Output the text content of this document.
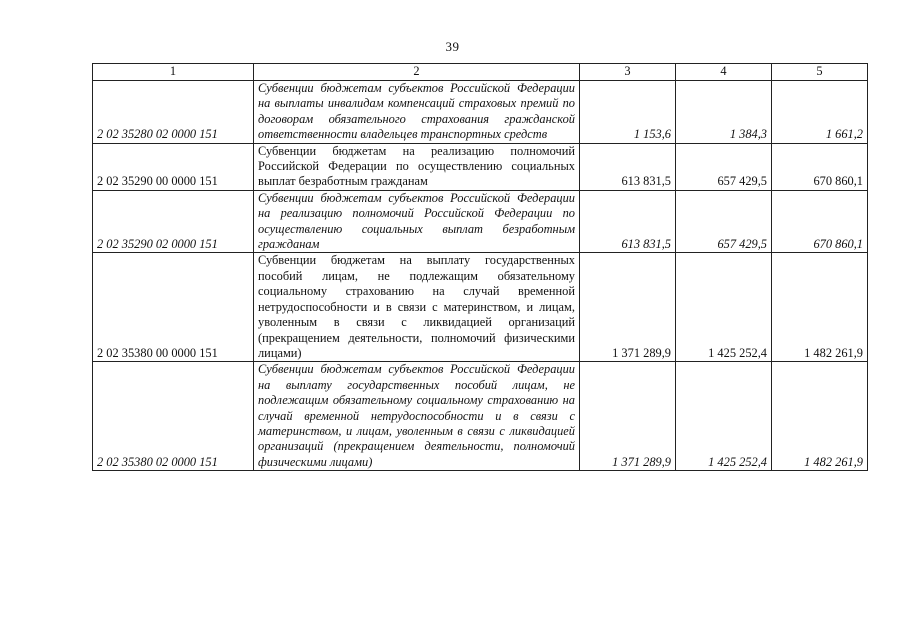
39
1	2	3	4	5
2 02 35280 02 0000 151	Субвенции бюджетам субъектов Российской Федерации на выплаты инвалидам компенсаций страховых премий по договорам обязательного страхования гражданской ответственности владельцев транспортных средств	1 153,6	1 384,3	1 661,2
2 02 35290 00 0000 151	Субвенции бюджетам на реализацию полномочий Российской Федерации по осуществлению социальных выплат безработным гражданам	613 831,5	657 429,5	670 860,1
2 02 35290 02 0000 151	Субвенции бюджетам субъектов Российской Федерации на реализацию полномочий Российской Федерации по осуществлению социальных выплат безработным гражданам	613 831,5	657 429,5	670 860,1
2 02 35380 00 0000 151	Субвенции бюджетам на выплату государственных пособий лицам, не подлежащим обязательному социальному страхованию на случай временной нетрудоспособности и в связи с материнством, и лицам, уволенным в связи с ликвидацией организаций (прекращением деятельности, полномочий физическими лицами)	1 371 289,9	1 425 252,4	1 482 261,9
2 02 35380 02 0000 151	Субвенции бюджетам субъектов Российской Федерации на выплату государственных пособий лицам, не подлежащим обязательному социальному страхованию на случай временной нетрудоспособности и в связи с материнством, и лицам, уволенным в связи с ликвидацией организаций (прекращением деятельности, полномочий физическими лицами)	1 371 289,9	1 425 252,4	1 482 261,9
